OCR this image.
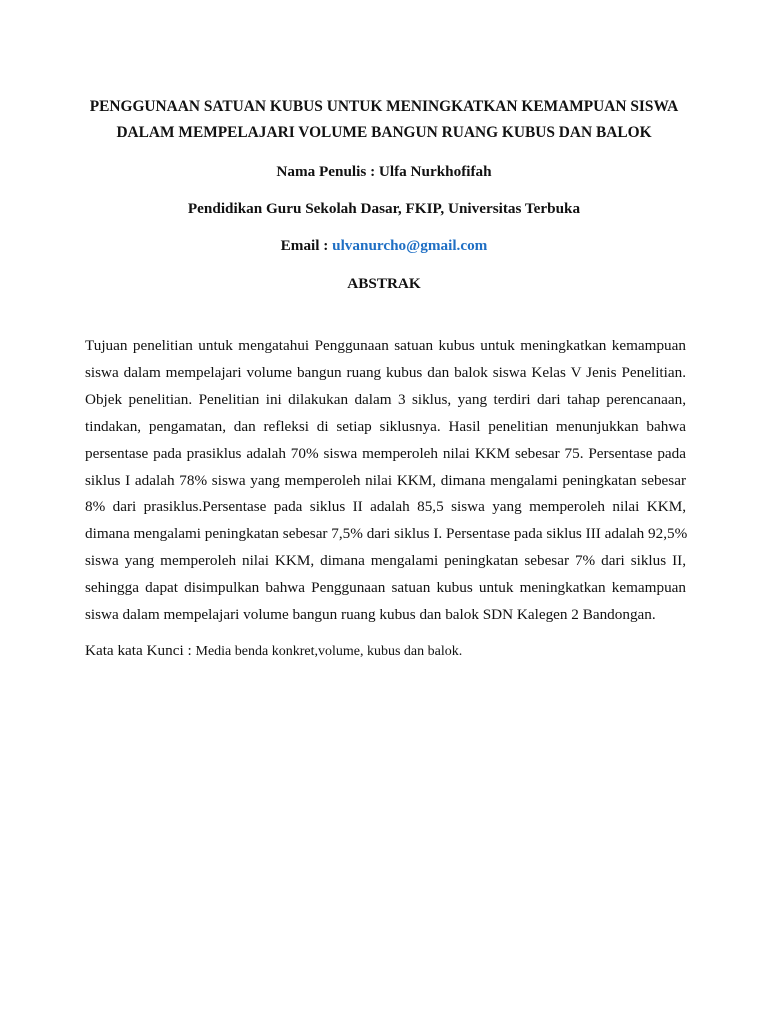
PENGGUNAAN SATUAN KUBUS UNTUK MENINGKATKAN KEMAMPUAN SISWA
DALAM MEMPELAJARI VOLUME BANGUN RUANG KUBUS DAN BALOK

Nama Penulis : Ulfa Nurkhofifah

Pendidikan Guru Sekolah Dasar, FKIP, Universitas Terbuka

Email : ulvanurcho@gmail.com

ABSTRAK

Tujuan penelitian untuk mengatahui Penggunaan satuan kubus untuk meningkatkan kemampuan
siswa dalam mempelajari volume bangun ruang kubus dan balok siswa Kelas V Jenis Penelitian.
Objek penelitian. Penelitian ini dilakukan dalam 3 siklus, yang terdiri dari tahap perencanaan,
tindakan, pengamatan, dan refleksi di setiap siklusnya. Hasil penelitian menunjukkan bahwa
persentase pada prasiklus adalah 70% siswa memperoleh nilai KKM sebesar 75. Persentase pada
siklus I adalah 78% siswa yang memperoleh nilai KKM, dimana mengalami peningkatan sebesar
8% dari prasiklus.Persentase pada siklus II adalah 85,5 siswa yang memperoleh nilai KKM,
dimana mengalami peningkatan sebesar 7,5% dari siklus I. Persentase pada siklus III adalah 92,5%
siswa yang memperoleh nilai KKM, dimana mengalami peningkatan sebesar 7% dari siklus II,
sehingga dapat disimpulkan bahwa Penggunaan satuan kubus untuk meningkatkan kemampuan
siswa dalam mempelajari volume bangun ruang kubus dan balok SDN Kalegen 2 Bandongan.

Kata kata Kunci : Media benda konkret,volume, kubus dan balok.
